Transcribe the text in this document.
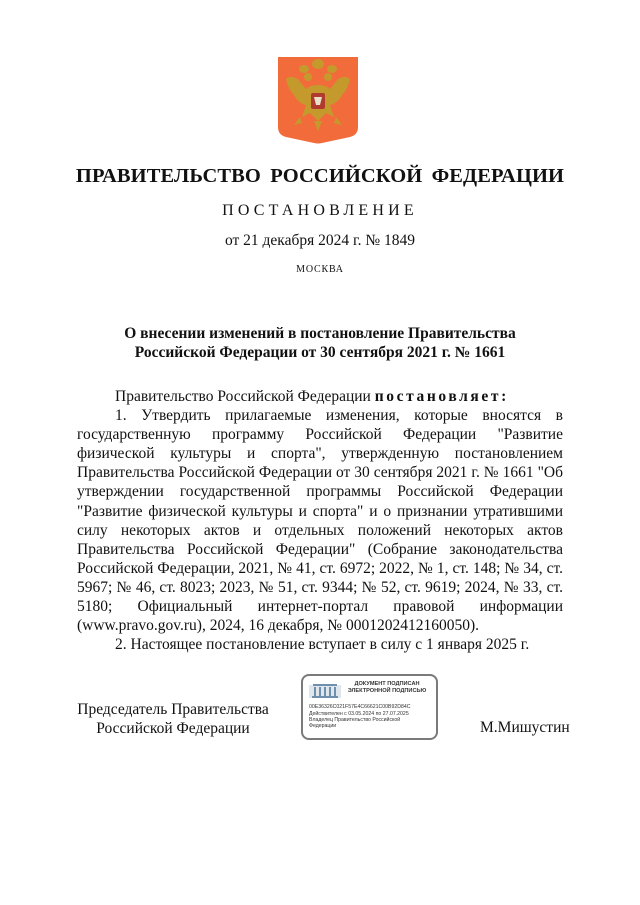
ПРАВИТЕЛЬСТВО РОССИЙСКОЙ ФЕДЕРАЦИИ
ПОСТАНОВЛЕНИЕ
от 21 декабря 2024 г. № 1849
МОСКВА
О внесении изменений в постановление Правительства
Российской Федерации от 30 сентября 2021 г. № 1661
Правительство Российской Федерации постановляет:

1. Утвердить прилагаемые изменения, которые вносятся в государственную программу Российской Федерации "Развитие физической культуры и спорта", утвержденную постановлением Правительства Российской Федерации от 30 сентября 2021 г. № 1661 "Об утверждении государственной программы Российской Федерации "Развитие физической культуры и спорта" и о признании утратившими силу некоторых актов и отдельных положений некоторых актов Правительства Российской Федерации" (Собрание законодательства Российской Федерации, 2021, № 41, ст. 6972; 2022, № 1, ст. 148; № 34, ст. 5967; № 46, ст. 8023; 2023, № 51, ст. 9344; № 52, ст. 9619; 2024, № 33, ст. 5180; Официальный интернет-портал правовой информации (www.pravo.gov.ru), 2024, 16 декабря, № 0001202412160050).

2. Настоящее постановление вступает в силу с 1 января 2025 г.

Председатель Правительства
Российской Федерации
ДОКУМЕНТ ПОДПИСАН
ЭЛЕКТРОННОЙ ПОДПИСЬЮ
00E36326C021F57E4C66621C00B92D84C
Действителен с 03.05.2024 по 27.07.2025
Владелец Правительство Российской
Федерации	М.Мишустин
